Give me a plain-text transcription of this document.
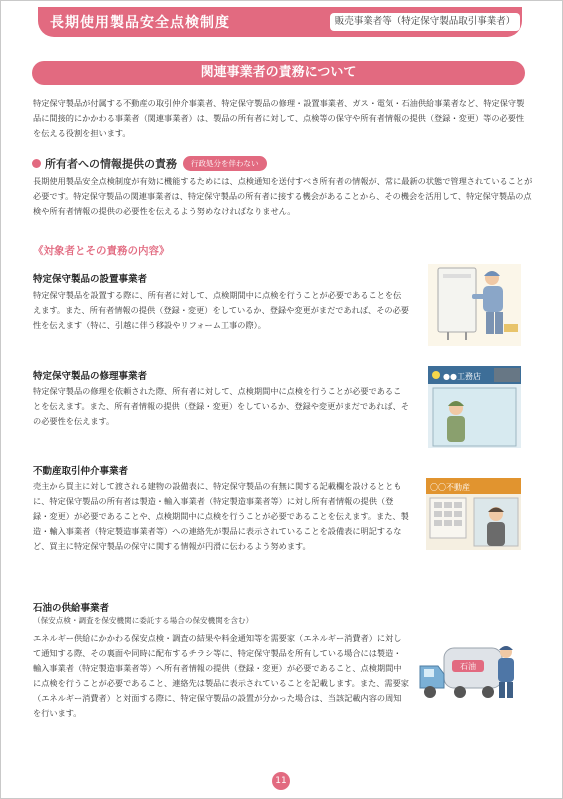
長期使用製品安全点検制度	販売事業者等（特定保守製品取引事業者）
関連事業者の責務について
特定保守製品が付属する不動産の取引仲介事業者、特定保守製品の修理・設置事業者、ガス・電気・石油供給事業者など、特定保守製品に間接的にかかわる事業者（関連事業者）は、製品の所有者に対して、点検等の保守や所有者情報の提供（登録・変更）等の必要性を伝える役割を担います。
所有者への情報提供の責務 行政処分を伴わない
長期使用製品安全点検制度が有効に機能するためには、点検通知を送付すべき所有者の情報が、常に最新の状態で管理されていることが必要です。特定保守製品の関連事業者は、特定保守製品の所有者に接する機会があることから、その機会を活用して、特定保守製品の点検や所有者情報の提供の必要性を伝えるよう努めなければなりません。
《対象者とその責務の内容》
特定保守製品の設置事業者
特定保守製品を設置する際に、所有者に対して、点検期間中に点検を行うことが必要であることを伝えます。また、所有者情報の提供（登録・変更）をしているか、登録や変更がまだであれば、その必要性を伝えます（特に、引越に伴う移設やリフォーム工事の際）。
特定保守製品の修理事業者
特定保守製品の修理を依頼された際、所有者に対して、点検期間中に点検を行うことが必要であることを伝えます。また、所有者情報の提供（登録・変更）をしているか、登録や変更がまだであれば、その必要性を伝えます。
●●工務店
不動産取引仲介事業者
売主から買主に対して渡される建物の設備表に、特定保守製品の有無に関する記載欄を設けるとともに、特定保守製品の所有者は製造・輸入事業者（特定製造事業者等）に対し所有者情報の提供（登録・変更）が必要であることや、点検期間中に点検を行うことが必要であることを伝えます。また、製造・輸入事業者（特定製造事業者等）への連絡先が製品に表示されていることを設備表に明記するなど、買主に特定保守製品の保守に関する情報が円滑に伝わるよう努めます。
〇〇不動産
石油の供給事業者
（保安点検・調査を保安機関に委託する場合の保安機関を含む）
エネルギー供給にかかわる保安点検・調査の結果や料金通知等を需要家（エネルギー消費者）に対して通知する際、その裏面や同時に配布するチラシ等に、特定保守製品を所有している場合には製造・輸入事業者（特定製造事業者等）へ所有者情報の提供（登録・変更）が必要であること、点検期間中に点検を行うことが必要であること、連絡先は製品に表示されていることを記載します。また、需要家（エネルギー消費者）と対面する際に、特定保守製品の設置が分かった場合は、当該記載内容の周知を行います。
石油
11
